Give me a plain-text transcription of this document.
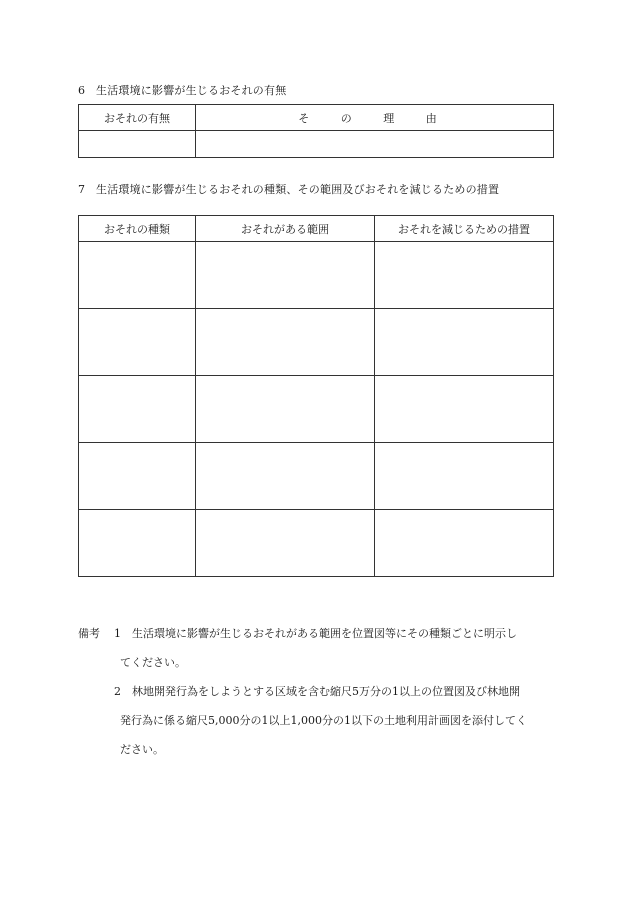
6 生活環境に影響が生じるおそれの有無
おそれの有無	そ の 理 由

7 生活環境に影響が生じるおそれの種類、その範囲及びおそれを減じるための措置
おそれの種類	おそれがある範囲	おそれを減じるための措置

備考 1 生活環境に影響が生じるおそれがある範囲を位置図等にその種類ごとに明示し
てください。
2 林地開発行為をしようとする区域を含む縮尺5万分の1以上の位置図及び林地開
発行為に係る縮尺5,000分の1以上1,000分の1以下の土地利用計画図を添付してく
ださい。
